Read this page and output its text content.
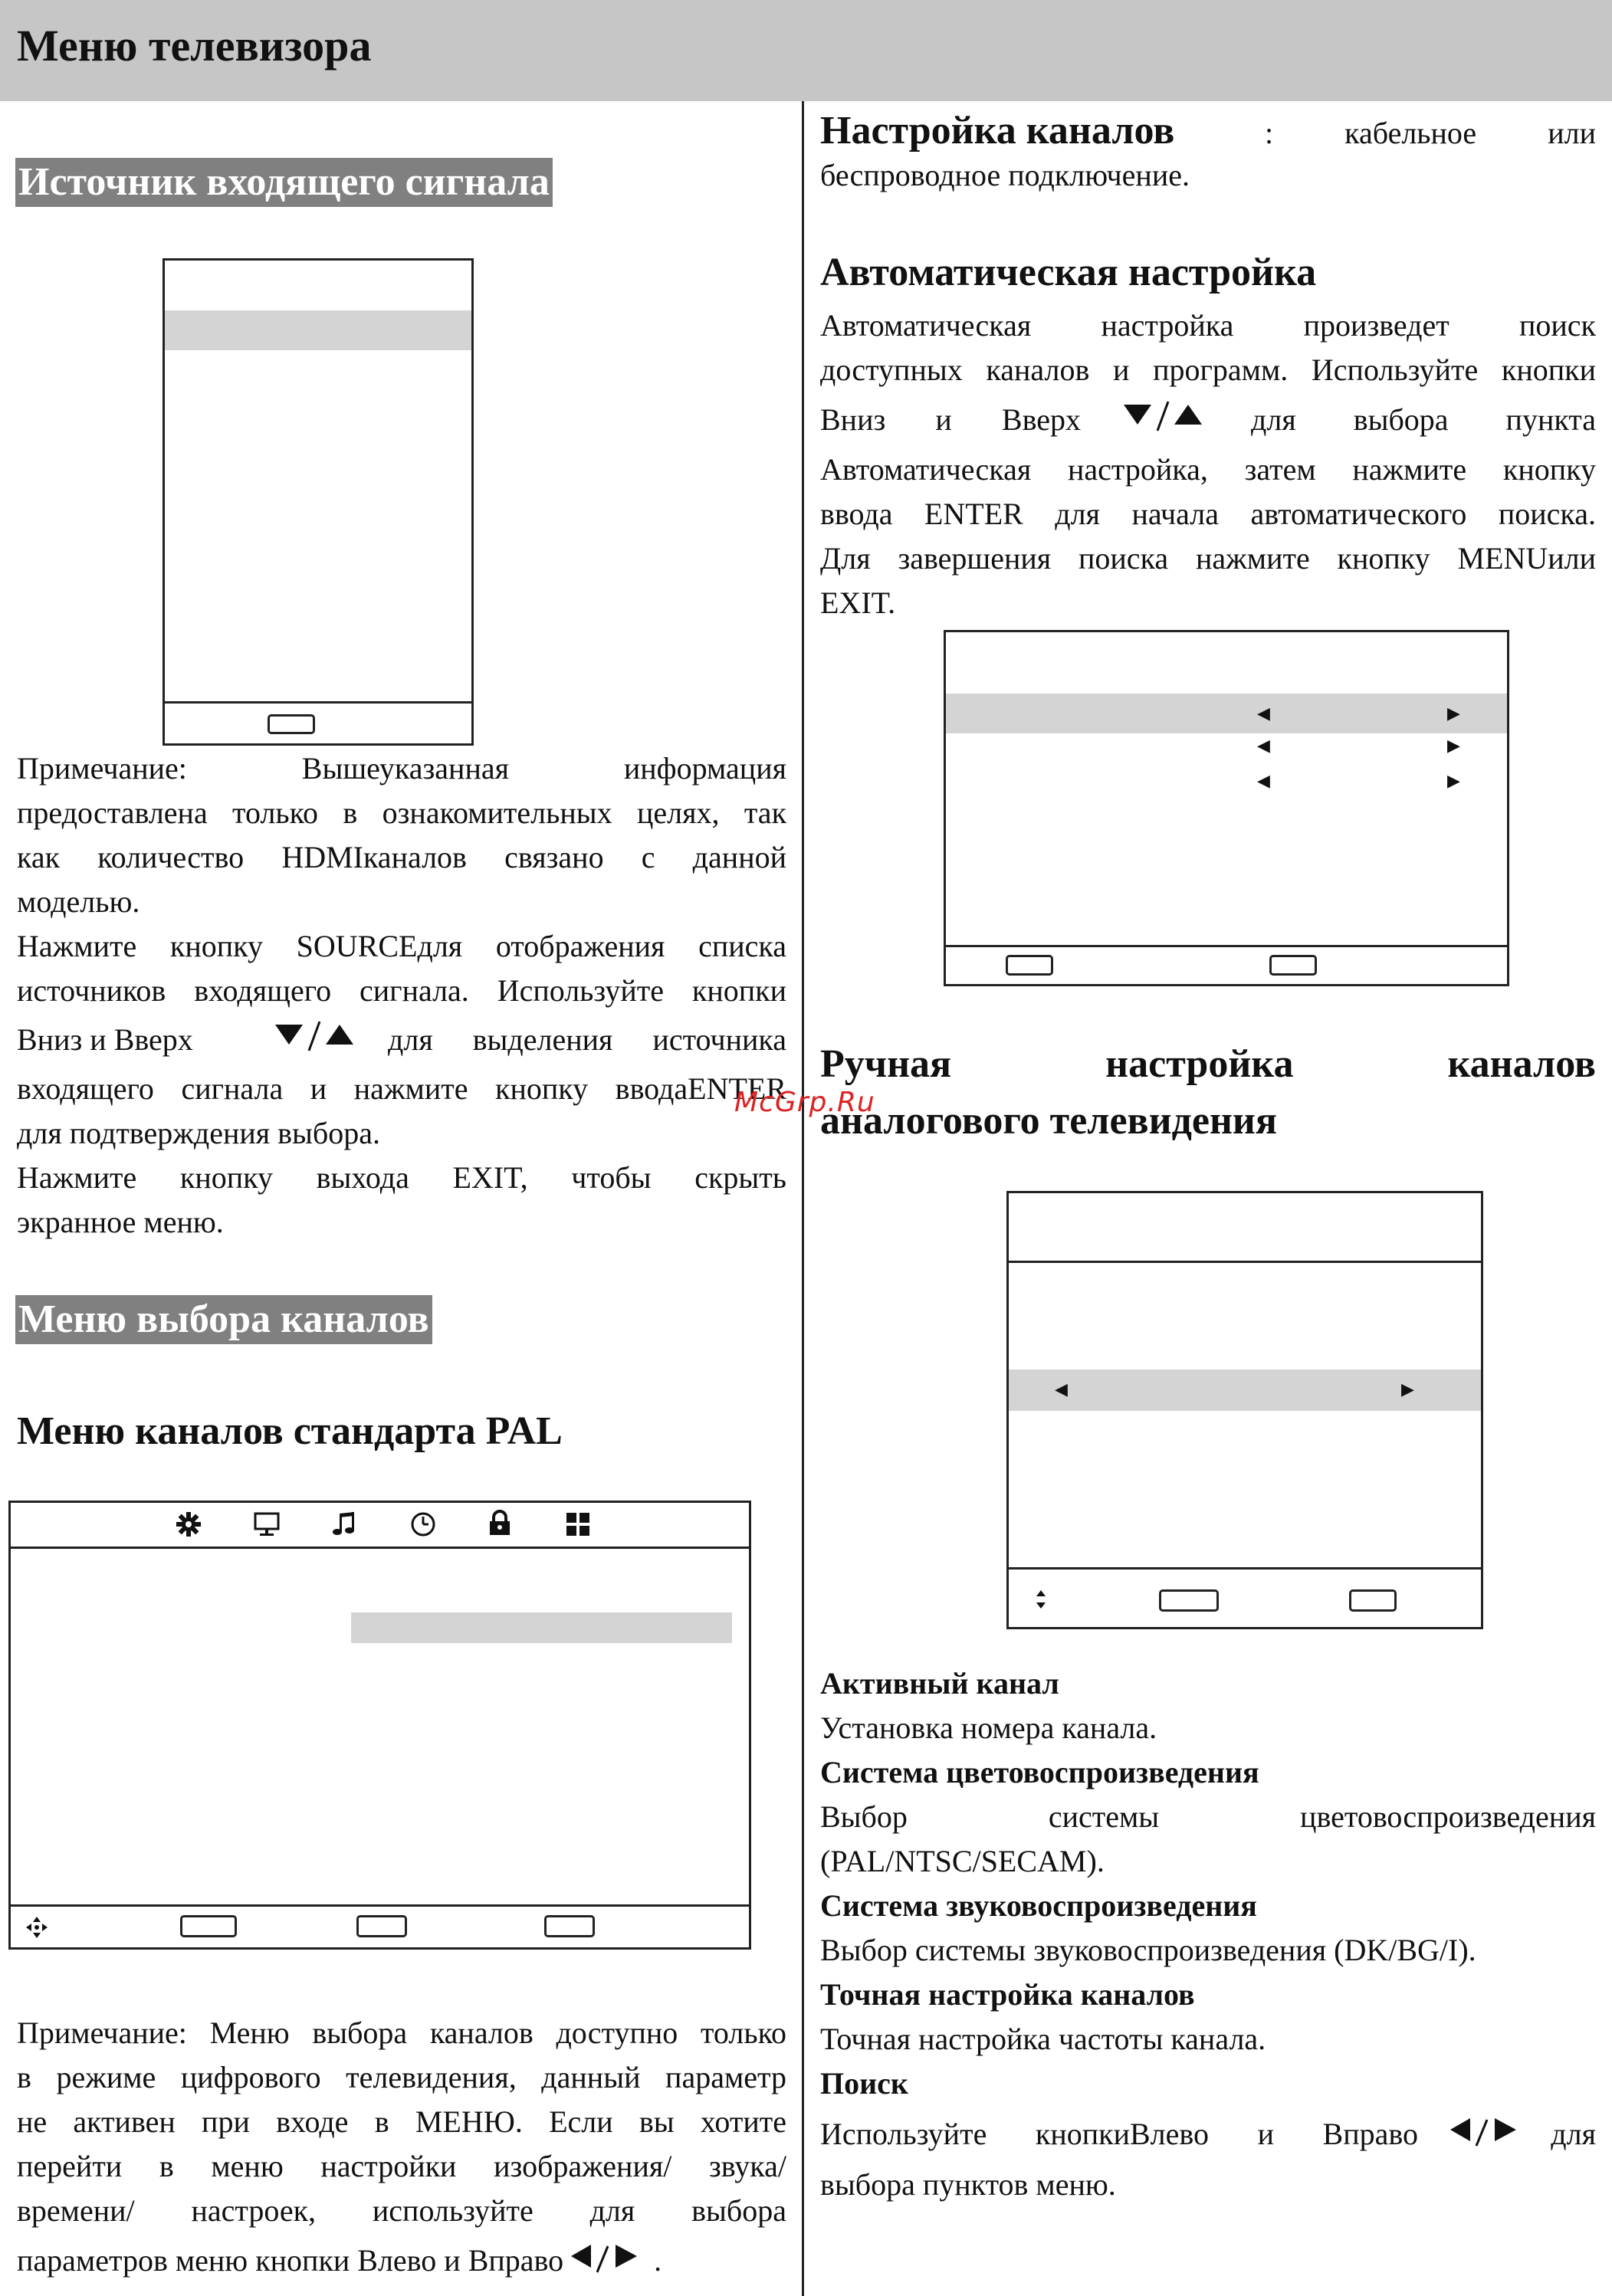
Меню телевизора
Источник входящего сигнала
Примечание: Вышеуказанная информация
предоставлена только в ознакомительных целях, так
как количество HDMIканалов связано с данной
моделью.
Нажмите кнопку SOURCEдля отображения списка
источников входящего сигнала. Используйте кнопки
Вниз и Вверх	для выделения источника
входящего сигнала и нажмите кнопку вводаENTER
для подтверждения выбора.
Нажмите кнопку выхода EXIT, чтобы скрыть
экранное меню.
Меню выбора каналов
Меню каналов стандарта PAL
Примечание: Меню выбора каналов доступно только
в режиме цифрового телевидения, данный параметр
не активен при входе в МЕНЮ. Если вы хотите
перейти в меню настройки изображения/ звука/
времени/ настроек, используйте для выбора
параметров меню кнопки Влево и Вправо	.
Настройка каналов	: кабельное или
беспроводное подключение.
Автоматическая настройка
Автоматическая настройка произведет поиск
доступных каналов и программ. Используйте кнопки
Вниз и Вверх	для выбора пункта
Автоматическая настройка, затем нажмите кнопку
ввода ENTER для начала автоматического поиска.
Для завершения поиска нажмите кнопку MENUили
EXIT.
◀	▶
◀	▶
◀	▶
Ручная настройка каналов
аналогового телевидения
◀	▶
Активный канал
Установка номера канала.
Система цветовоспроизведения
Выбор системы цветовоспроизведения
(PAL/NTSC/SECAM).
Система звуковоспроизведения
Выбор системы звуковоспроизведения (DK/BG/I).
Точная настройка каналов
Точная настройка частоты канала.
Поиск
Используйте кнопкиВлево и Вправо	для
выбора пунктов меню.
McGrp.Ru
